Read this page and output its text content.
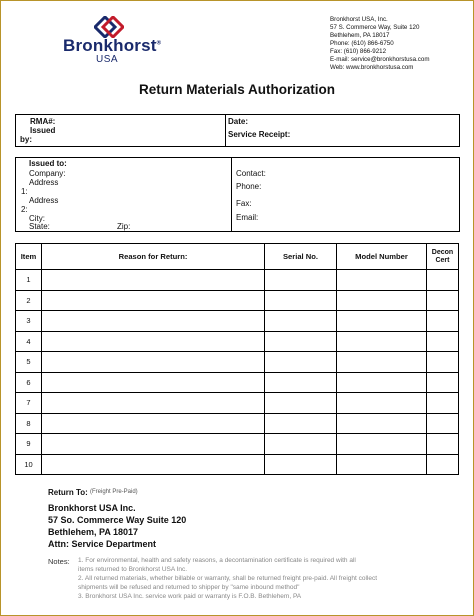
Bronkhorst®
USA
Bronkhorst USA, Inc.
57 S. Commerce Way, Suite 120
Bethlehem, PA 18017
Phone: (610) 866-6750
Fax: (610) 866-9212
E-mail: service@bronkhorstusa.com
Web: www.bronkhorstusa.com
Return Materials Authorization
RMA#:
Issued
by:
Date:
Service Receipt:
Issued to:
Company:
Address
1:
Address
2:
City:
State:	Zip:
Contact:
Phone:
Fax:
Email:
Item	Reason for Return:	Serial No.	Model Number	Decon Cert
1				
2				
3				
4				
5				
6				
7				
8				
9				
10				
Return To: (Freight Pre-Paid)
Bronkhorst USA Inc.
57 So. Commerce Way Suite 120
Bethlehem, PA 18017
Attn: Service Department
Notes: 1. For environmental, health and safety reasons, a decontamination certificate is required with all
items returned to Bronkhorst USA Inc.
2. All returned materials, whether billable or warranty, shall be returned freight pre-paid. All freight collect
shipments will be refused and returned to shipper by "same inbound method"
3. Bronkhorst USA Inc. service work paid or warranty is F.O.B. Bethlehem, PA
